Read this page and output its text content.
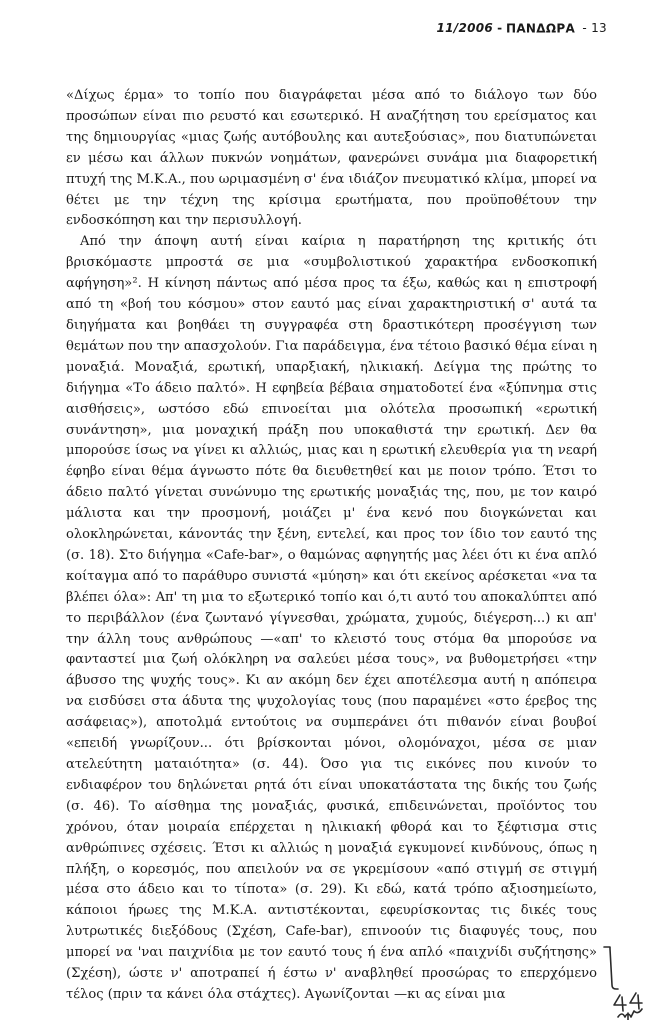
11/2006 - ΠΑΝΔΩΡΑ - 13

«Δίχως έρμα» το τοπίο που διαγράφεται μέσα από το διάλογο των δύο προσώπων είναι πιο ρευστό και εσωτερικό. Η αναζήτηση του ερείσματος και της δημιουργίας «μιας ζωής αυτόβουλης και αυτεξούσιας», που διατυπώνεται εν μέσω και άλλων πυκνών νοημάτων, φανερώνει συνάμα μια διαφορετική πτυχή της Μ.Κ.Α., που ωριμασμένη σ' ένα ιδιάζον πνευματικό κλίμα, μπορεί να θέτει με την τέχνη της κρίσιμα ερωτήματα, που προϋποθέτουν την ενδοσκόπηση και την περισυλλογή.

Από την άποψη αυτή είναι καίρια η παρατήρηση της κριτικής ότι βρισκόμαστε μπροστά σε μια «συμβολιστικού χαρακτήρα ενδοσκοπική αφήγηση»². Η κίνηση πάντως από μέσα προς τα έξω, καθώς και η επιστροφή από τη «βοή του κόσμου» στον εαυτό μας είναι χαρακτηριστική σ' αυτά τα διηγήματα και βοηθάει τη συγγραφέα στη δραστικότερη προσέγγιση των θεμάτων που την απασχολούν. Για παράδειγμα, ένα τέτοιο βασικό θέμα είναι η μοναξιά. Μοναξιά, ερωτική, υπαρξιακή, ηλικιακή. Δείγμα της πρώτης το διήγημα «Το άδειο παλτό». Η εφηβεία βέβαια σηματοδοτεί ένα «ξύπνημα στις αισθήσεις», ωστόσο εδώ επινοείται μια ολότελα προσωπική «ερωτική συνάντηση», μια μοναχική πράξη που υποκαθιστά την ερωτική. Δεν θα μπορούσε ίσως να γίνει κι αλλιώς, μιας και η ερωτική ελευθερία για τη νεαρή έφηβο είναι θέμα άγνωστο πότε θα διευθετηθεί και με ποιον τρόπο. Έτσι το άδειο παλτό γίνεται συνώνυμο της ερωτικής μοναξιάς της, που, με τον καιρό μάλιστα και την προσμονή, μοιάζει μ' ένα κενό που διογκώνεται και ολοκληρώνεται, κάνοντάς την ξένη, εντελεί, και προς τον ίδιο τον εαυτό της (σ. 18). Στο διήγημα «Cafe-bar», ο θαμώνας αφηγητής μας λέει ότι κι ένα απλό κοίταγμα από το παράθυρο συνιστά «μύηση» και ότι εκείνος αρέσκεται «να τα βλέπει όλα»: Απ' τη μια το εξωτερικό τοπίο και ό,τι αυτό του αποκαλύπτει από το περιβάλλον (ένα ζωντανό γίγνεσθαι, χρώματα, χυμούς, διέγερση...) κι απ' την άλλη τους ανθρώπους —«απ' το κλειστό τους στόμα θα μπορούσε να φανταστεί μια ζωή ολόκληρη να σαλεύει μέσα τους», να βυθομετρήσει «την άβυσσο της ψυχής τους». Κι αν ακόμη δεν έχει αποτέλεσμα αυτή η απόπειρα να εισδύσει στα άδυτα της ψυχολογίας τους (που παραμένει «στο έρεβος της ασάφειας»), αποτολμά εντούτοις να συμπεράνει ότι πιθανόν είναι βουβοί «επειδή γνωρίζουν... ότι βρίσκονται μόνοι, ολομόναχοι, μέσα σε μιαν ατελεύτητη ματαιότητα» (σ. 44). Όσο για τις εικόνες που κινούν το ενδιαφέρον του δηλώνεται ρητά ότι είναι υποκατάστατα της δικής του ζωής (σ. 46). Το αίσθημα της μοναξιάς, φυσικά, επιδεινώνεται, προϊόντος του χρόνου, όταν μοιραία επέρχεται η ηλικιακή φθορά και το ξέφτισμα στις ανθρώπινες σχέσεις. Έτσι κι αλλιώς η μοναξιά εγκυμονεί κινδύνους, όπως η πλήξη, ο κορεσμός, που απειλούν να σε γκρεμίσουν «από στιγμή σε στιγμή μέσα στο άδειο και το τίποτα» (σ. 29). Κι εδώ, κατά τρόπο αξιοσημείωτο, κάποιοι ήρωες της Μ.Κ.Α. αντιστέκονται, εφευρίσκοντας τις δικές τους λυτρωτικές διεξόδους (Σχέση, Cafe-bar), επινοούν τις διαφυγές τους, που μπορεί να 'ναι παιχνίδια με τον εαυτό τους ή ένα απλό «παιχνίδι συζήτησης» (Σχέση), ώστε ν' αποτραπεί ή έστω ν' αναβληθεί προσώρας το επερχόμενο τέλος (πριν τα κάνει όλα στάχτες). Αγωνίζονται —κι ας είναι μια
